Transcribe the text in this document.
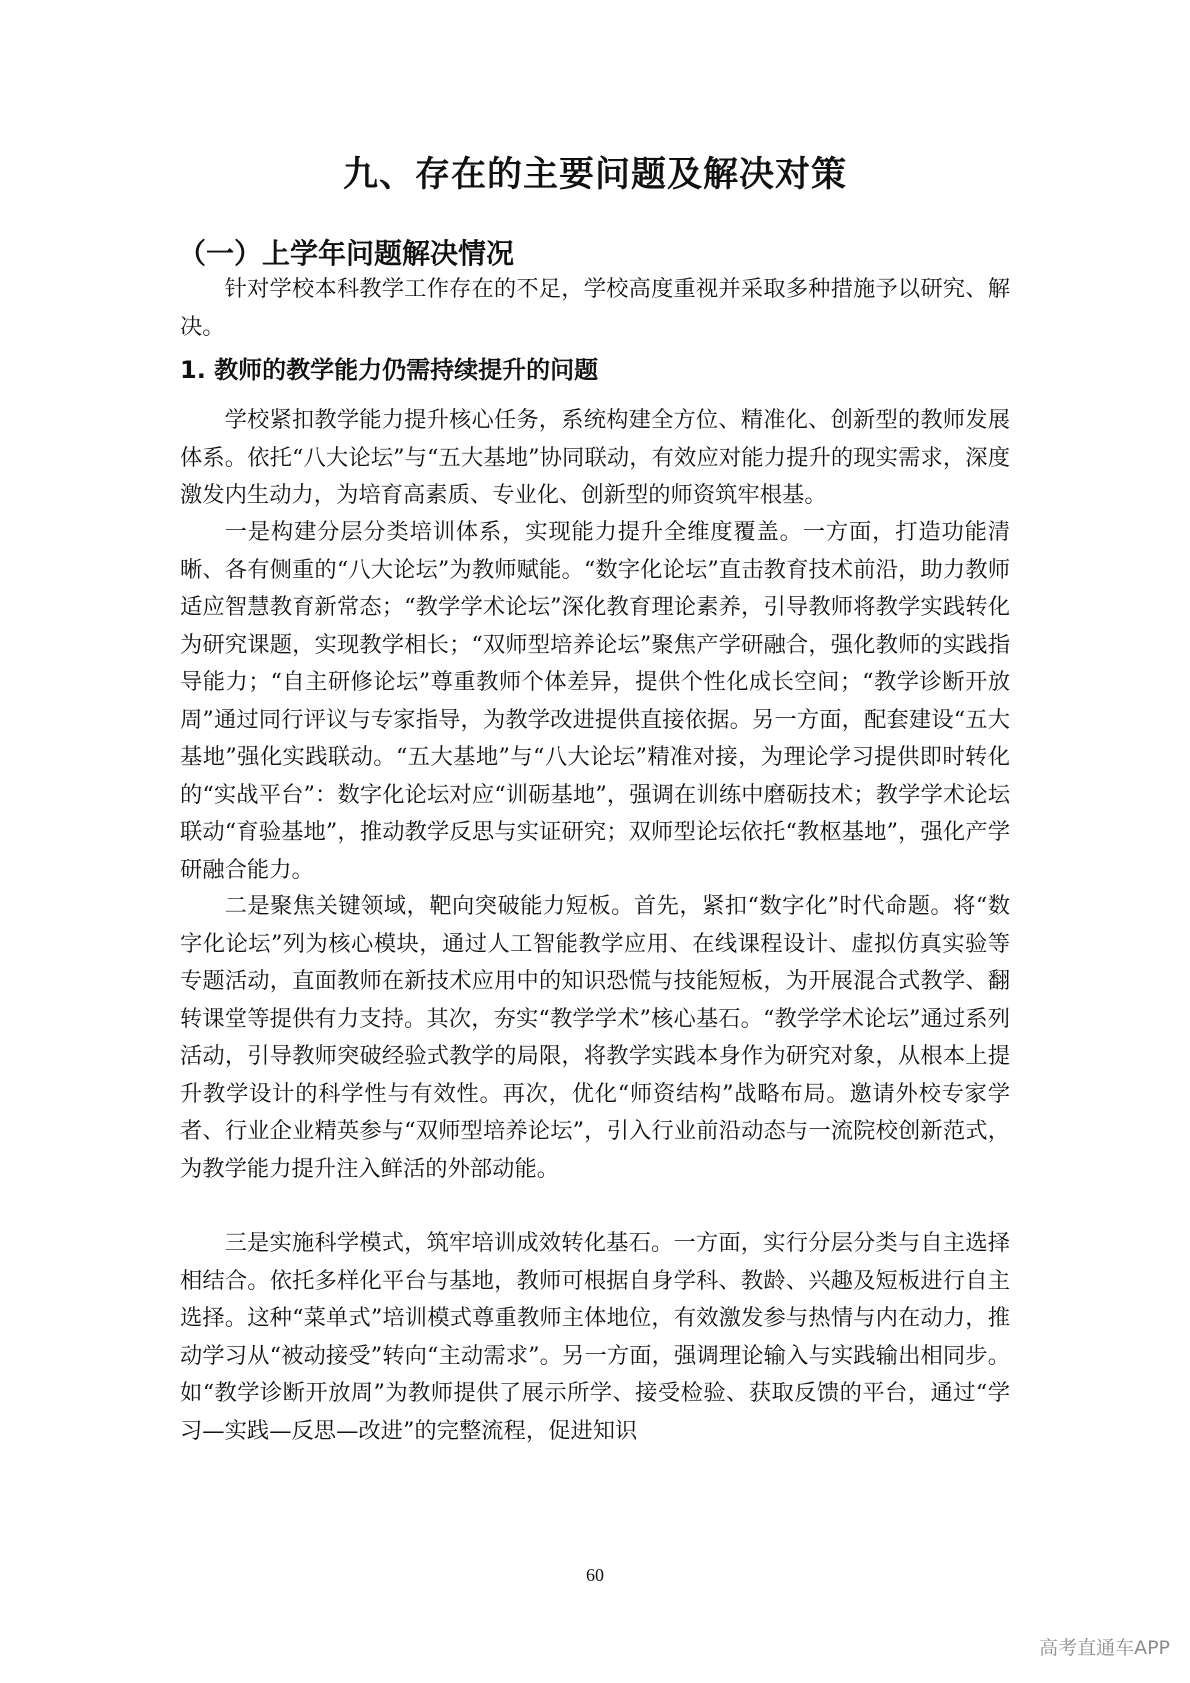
九、存在的主要问题及解决对策
（一）上学年问题解决情况

针对学校本科教学工作存在的不足，学校高度重视并采取多种措施予以研究、解决。

1. 教师的教学能力仍需持续提升的问题

学校紧扣教学能力提升核心任务，系统构建全方位、精准化、创新型的教师发展体系。依托“八大论坛”与“五大基地”协同联动，有效应对能力提升的现实需求，深度激发内生动力，为培育高素质、专业化、创新型的师资筑牢根基。

一是构建分层分类培训体系，实现能力提升全维度覆盖。一方面，打造功能清晰、各有侧重的“八大论坛”为教师赋能。“数字化论坛”直击教育技术前沿，助力教师适应智慧教育新常态；“教学学术论坛”深化教育理论素养，引导教师将教学实践转化为研究课题，实现教学相长；“双师型培养论坛”聚焦产学研融合，强化教师的实践指导能力；“自主研修论坛”尊重教师个体差异，提供个性化成长空间；“教学诊断开放周”通过同行评议与专家指导，为教学改进提供直接依据。另一方面，配套建设“五大基地”强化实践联动。“五大基地”与“八大论坛”精准对接，为理论学习提供即时转化的“实战平台”：数字化论坛对应“训砺基地”，强调在训练中磨砺技术；教学学术论坛联动“育验基地”，推动教学反思与实证研究；双师型论坛依托“教枢基地”，强化产学研融合能力。

二是聚焦关键领域，靶向突破能力短板。首先，紧扣“数字化”时代命题。将“数字化论坛”列为核心模块，通过人工智能教学应用、在线课程设计、虚拟仿真实验等专题活动，直面教师在新技术应用中的知识恐慌与技能短板，为开展混合式教学、翻转课堂等提供有力支持。其次，夯实“教学学术”核心基石。“教学学术论坛”通过系列活动，引导教师突破经验式教学的局限，将教学实践本身作为研究对象，从根本上提升教学设计的科学性与有效性。再次，优化“师资结构”战略布局。邀请外校专家学者、行业企业精英参与“双师型培养论坛”，引入行业前沿动态与一流院校创新范式，为教学能力提升注入鲜活的外部动能。

三是实施科学模式，筑牢培训成效转化基石。一方面，实行分层分类与自主选择相结合。依托多样化平台与基地，教师可根据自身学科、教龄、兴趣及短板进行自主选择。这种“菜单式”培训模式尊重教师主体地位，有效激发参与热情与内在动力，推动学习从“被动接受”转向“主动需求”。另一方面，强调理论输入与实践输出相同步。如“教学诊断开放周”为教师提供了展示所学、接受检验、获取反馈的平台，通过“学习—实践—反思—改进”的完整流程，促进知识

60
高考直通车APP
